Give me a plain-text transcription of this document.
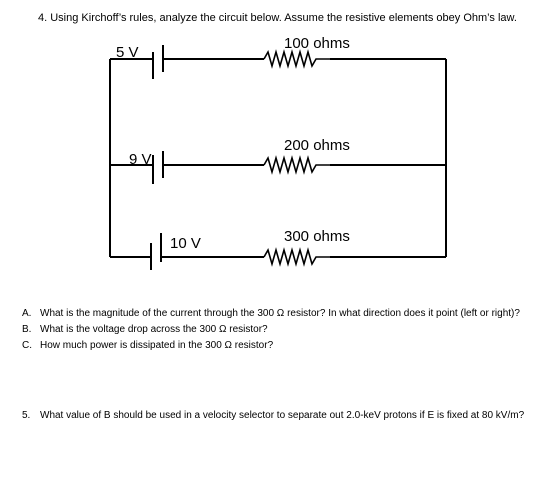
4. Using Kirchoff’s rules, analyze the circuit below. Assume the resistive elements obey Ohm’s law.
5 V
100 ohms
9 V
200 ohms
10 V	300 ohms
A. What is the magnitude of the current through the 300 Ω resistor? In what direction does it point (left or right)?
B. What is the voltage drop across the 300 Ω resistor?
C. How much power is dissipated in the 300 Ω resistor?
5. What value of B should be used in a velocity selector to separate out 2.0-keV protons if E is fixed at 80 kV/m?
